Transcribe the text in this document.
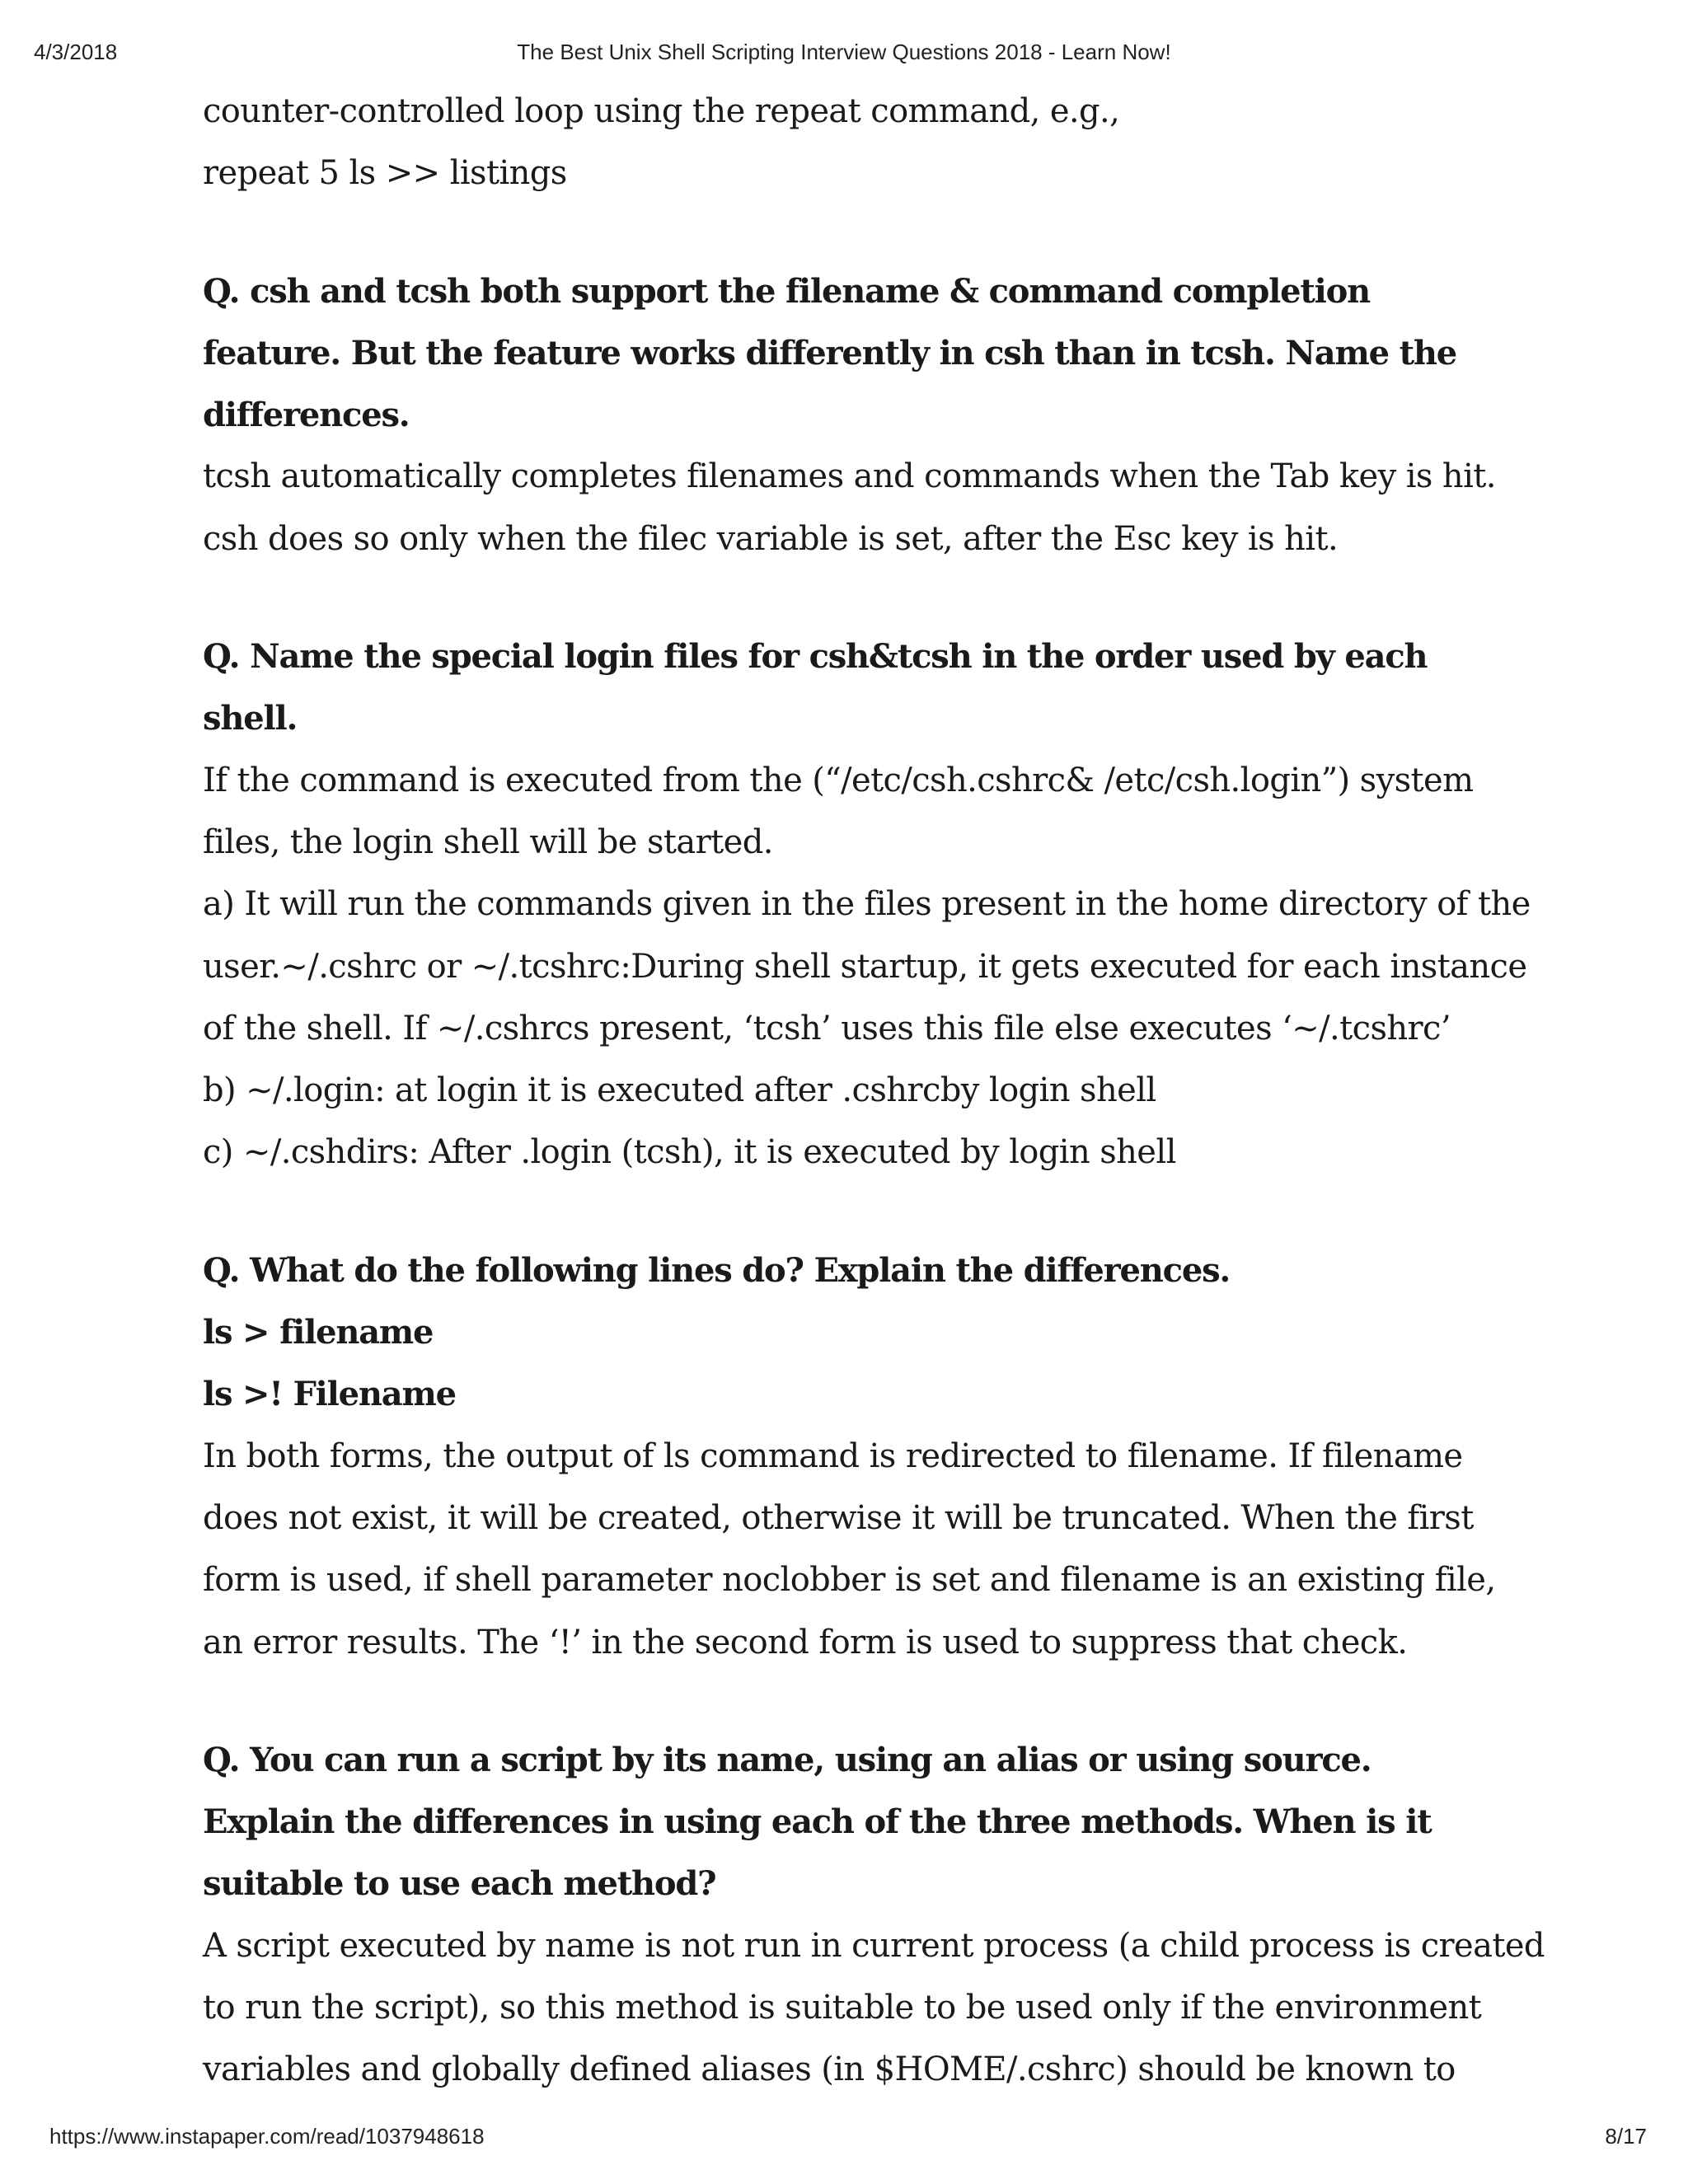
4/3/2018	The Best Unix Shell Scripting Interview Questions 2018 - Learn Now!
counter-controlled loop using the repeat command, e.g.,
repeat 5 ls >> listings
Q. csh and tcsh both support the filename & command completion
feature. But the feature works differently in csh than in tcsh. Name the
differences.
tcsh automatically completes filenames and commands when the Tab key is hit.
csh does so only when the filec variable is set, after the Esc key is hit.
Q. Name the special login files for csh&tcsh in the order used by each
shell.
If the command is executed from the (“/etc/csh.cshrc& /etc/csh.login”) system
files, the login shell will be started.
a) It will run the commands given in the files present in the home directory of the
user.~/.cshrc or ~/.tcshrc:During shell startup, it gets executed for each instance
of the shell. If ~/.cshrcs present, ‘tcsh’ uses this file else executes ‘~/.tcshrc’
b) ~/.login: at login it is executed after .cshrcby login shell
c) ~/.cshdirs: After .login (tcsh), it is executed by login shell
Q. What do the following lines do? Explain the differences.
ls > filename
ls >! Filename
In both forms, the output of ls command is redirected to filename. If filename
does not exist, it will be created, otherwise it will be truncated. When the first
form is used, if shell parameter noclobber is set and filename is an existing file,
an error results. The ‘!’ in the second form is used to suppress that check.
Q. You can run a script by its name, using an alias or using source.
Explain the differences in using each of the three methods. When is it
suitable to use each method?
A script executed by name is not run in current process (a child process is created
to run the script), so this method is suitable to be used only if the environment
variables and globally defined aliases (in $HOME/.cshrc) should be known to
https://www.instapaper.com/read/1037948618	8/17
